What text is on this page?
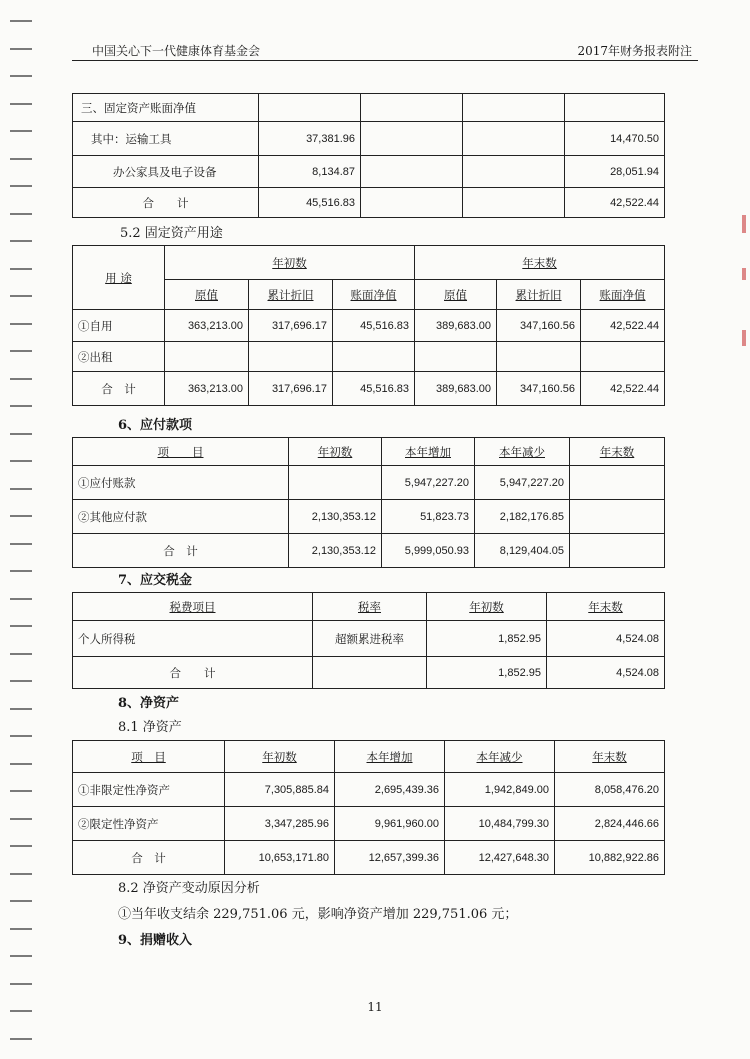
中国关心下一代健康体育基金会	2017年财务报表附注
三、固定资产账面净值				
其中：运输工具	37,381.96			14,470.50
办公家具及电子设备	8,134.87			28,051.94
合　　计	45,516.83			42,522.44
5.2 固定资产用途
用 途	年初数			年末数		
	原值	累计折旧	账面净值	原值	累计折旧	账面净值
①自用	363,213.00	317,696.17	45,516.83	389,683.00	347,160.56	42,522.44
②出租						
合　计	363,213.00	317,696.17	45,516.83	389,683.00	347,160.56	42,522.44
6、应付款项
项　　目	年初数	本年增加	本年减少	年末数
①应付账款		5,947,227.20	5,947,227.20	
②其他应付款	2,130,353.12	51,823.73	2,182,176.85	
合　计	2,130,353.12	5,999,050.93	8,129,404.05	
7、应交税金
税费项目	税率	年初数	年末数
个人所得税	超额累进税率	1,852.95	4,524.08
合　　计		1,852.95	4,524.08
8、净资产
8.1 净资产
项　目	年初数	本年增加	本年减少	年末数
①非限定性净资产	7,305,885.84	2,695,439.36	1,942,849.00	8,058,476.20
②限定性净资产	3,347,285.96	9,961,960.00	10,484,799.30	2,824,446.66
合　计	10,653,171.80	12,657,399.36	12,427,648.30	10,882,922.86
8.2 净资产变动原因分析
①当年收支结余 229,751.06 元，影响净资产增加 229,751.06 元；
9、捐赠收入
11
